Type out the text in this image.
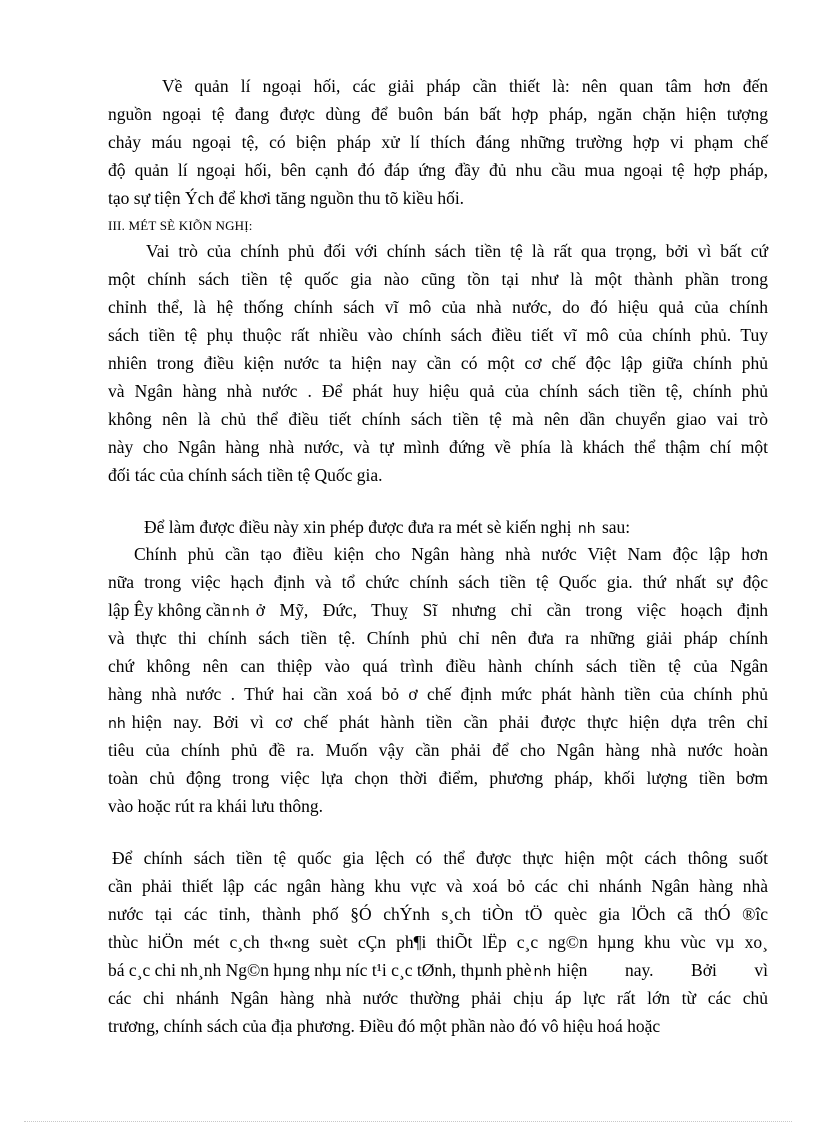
Về quản lí ngoại hối, các giải pháp cần thiết là: nên quan tâm hơn đến
nguồn ngoại tệ đang được dùng để buôn bán bất hợp pháp, ngăn chặn hiện tượng
chảy máu ngoại tệ, có biện pháp xử lí thích đáng những trường hợp vi phạm chế
độ quản lí ngoại hối, bên cạnh đó đáp ứng đầy đủ nhu cầu mua ngoại tệ hợp pháp,
tạo sự tiện Ých để khơi tăng nguồn thu tõ kiều hối.
III. MÉT SÈ KIÕN NGHỊ:
Vai trò của chính phủ đối với chính sách tiền tệ là rất qua trọng, bởi vì bất cứ
một chính sách tiền tệ quốc gia nào cũng tồn tại như là một thành phần trong
chỉnh thể, là hệ thống chính sách vĩ mô của nhà nước, do đó hiệu quả của chính
sách tiền tệ phụ thuộc rất nhiều vào chính sách điều tiết vĩ mô của chính phủ. Tuy
nhiên trong điều kiện nước ta hiện nay cần có một cơ chế độc lập giữa chính phủ
và Ngân hàng nhà nước . Để phát huy hiệu quả của chính sách tiền tệ, chính phủ
không nên là chủ thể điều tiết chính sách tiền tệ mà nên dần chuyển giao vai trò
này cho Ngân hàng nhà nước, và tự mình đứng về phía là khách thể thậm chí một
đối tác của chính sách tiền tệ Quốc gia.
Để làm được điều này xin phép được đưa ra mét sè kiến nghị nh sau:
Chính phủ cần tạo điều kiện cho Ngân hàng nhà nước Việt Nam độc lập hơn
nữa trong việc hạch định và tổ chức chính sách tiền tệ Quốc gia. thứ nhất sự độc
lập Êy không cần nh ở Mỹ, Đức, Thuỵ Sĩ nhưng chỉ cần trong việc hoạch định
và thực thi chính sách tiền tệ. Chính phủ chỉ nên đưa ra những giải pháp chính
chứ không nên can thiệp vào quá trình điều hành chính sách tiền tệ của Ngân
hàng nhà nước . Thứ hai cần xoá bỏ ơ chế định mức phát hành tiền của chính phủ
nh hiện nay. Bởi vì cơ chế phát hành tiền cần phải được thực hiện dựa trên chỉ
tiêu của chính phủ đề ra. Muốn vậy cần phải để cho Ngân hàng nhà nước hoàn
toàn chủ động trong việc lựa chọn thời điểm, phương pháp, khối lượng tiền bơm
vào hoặc rút ra khái lưu thông.
Để chính sách tiền tệ quốc gia lệch có thể được thực hiện một cách thông suốt
cần phải thiết lập các ngân hàng khu vực và xoá bỏ các chi nhánh Ngân hàng nhà
nước tại các tỉnh, thành phố §Ó chÝnh s¸ch tiÒn tÖ quèc gia lÖch cã thÓ ®îc
thùc hiÖn mét c¸ch th«ng suèt cÇn ph¶i thiÕt lËp c¸c ng©n hµng khu vùc vµ xo¸
bá c¸c chi nh¸nh Ng©n hµng nhµ níc t¹i c¸c tØnh, thµnh phè nh hiện nay. Bởi vì
các chi nhánh Ngân hàng nhà nước thường phải chịu áp lực rất lớn từ các chủ
trương, chính sách của địa phương. Điều đó một phần nào đó vô hiệu hoá hoặc
